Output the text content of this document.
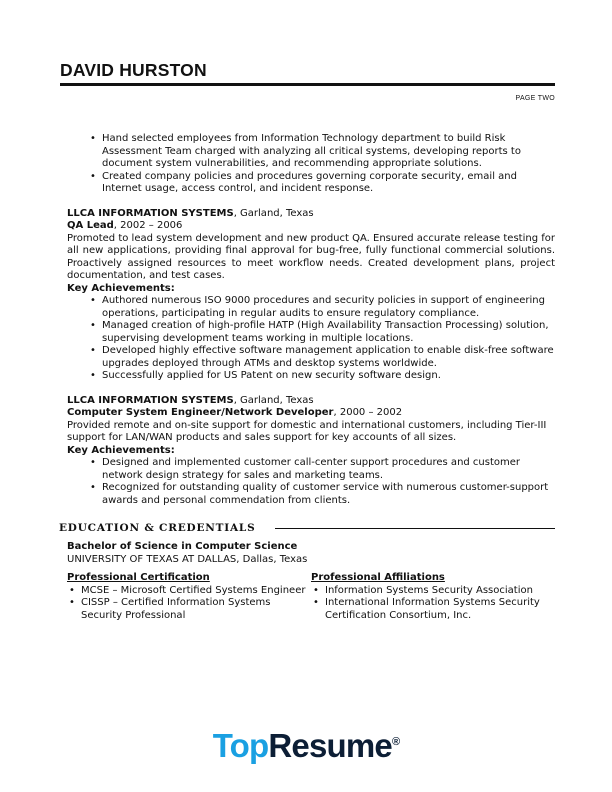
DAVID HURSTON
PAGE TWO
• Hand selected employees from Information Technology department to build Risk Assessment Team charged with analyzing all critical systems, developing reports to document system vulnerabilities, and recommending appropriate solutions.
• Created company policies and procedures governing corporate security, email and Internet usage, access control, and incident response.
LLCA INFORMATION SYSTEMS, Garland, Texas
QA Lead, 2002 – 2006

Promoted to lead system development and new product QA. Ensured accurate release testing for all new applications, providing final approval for bug-free, fully functional commercial solutions. Proactively assigned resources to meet workflow needs. Created development plans, project documentation, and test cases.

Key Achievements:
• Authored numerous ISO 9000 procedures and security policies in support of engineering operations, participating in regular audits to ensure regulatory compliance.
• Managed creation of high-profile HATP (High Availability Transaction Processing) solution, supervising development teams working in multiple locations.
• Developed highly effective software management application to enable disk-free software upgrades deployed through ATMs and desktop systems worldwide.
• Successfully applied for US Patent on new security software design.
LLCA INFORMATION SYSTEMS, Garland, Texas
Computer System Engineer/Network Developer, 2000 – 2002

Provided remote and on-site support for domestic and international customers, including Tier-III support for LAN/WAN products and sales support for key accounts of all sizes.

Key Achievements:
• Designed and implemented customer call-center support procedures and customer network design strategy for sales and marketing teams.
• Recognized for outstanding quality of customer service with numerous customer-support awards and personal commendation from clients.
EDUCATION & CREDENTIALS
Bachelor of Science in Computer Science
UNIVERSITY OF TEXAS AT DALLAS, Dallas, Texas
Professional Certification
• MCSE – Microsoft Certified Systems Engineer
• CISSP – Certified Information Systems Security Professional
Professional Affiliations
• Information Systems Security Association
• International Information Systems Security Certification Consortium, Inc.
TopResume®
